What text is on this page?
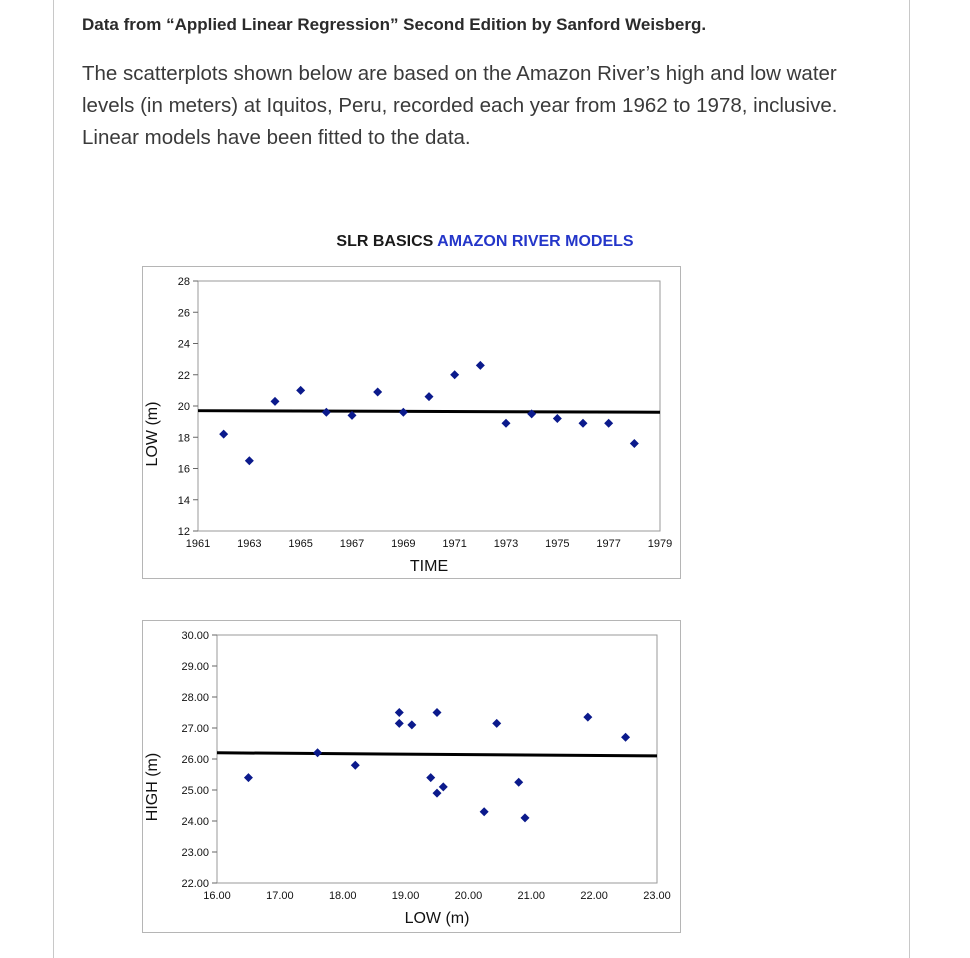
Data from “Applied Linear Regression” Second Edition by Sanford Weisberg.

The scatterplots shown below are based on the Amazon River’s high and low water levels (in meters) at Iquitos, Peru, recorded each year from 1962 to 1978, inclusive. Linear models have been fitted to the data.

SLR BASICS AMAZON RIVER MODELS

12
14
16
18
20
22
24
26
28
1961 1963 1965 1967 1969 1971 1973 1975 1977 1979
TIME
LOW (m)
22.00
23.00
24.00
25.00
26.00
27.00
28.00
29.00
30.00
16.00	17.00	18.00	19.00	20.00	21.00	22.00	23.00
LOW (m)
HIGH (m)
